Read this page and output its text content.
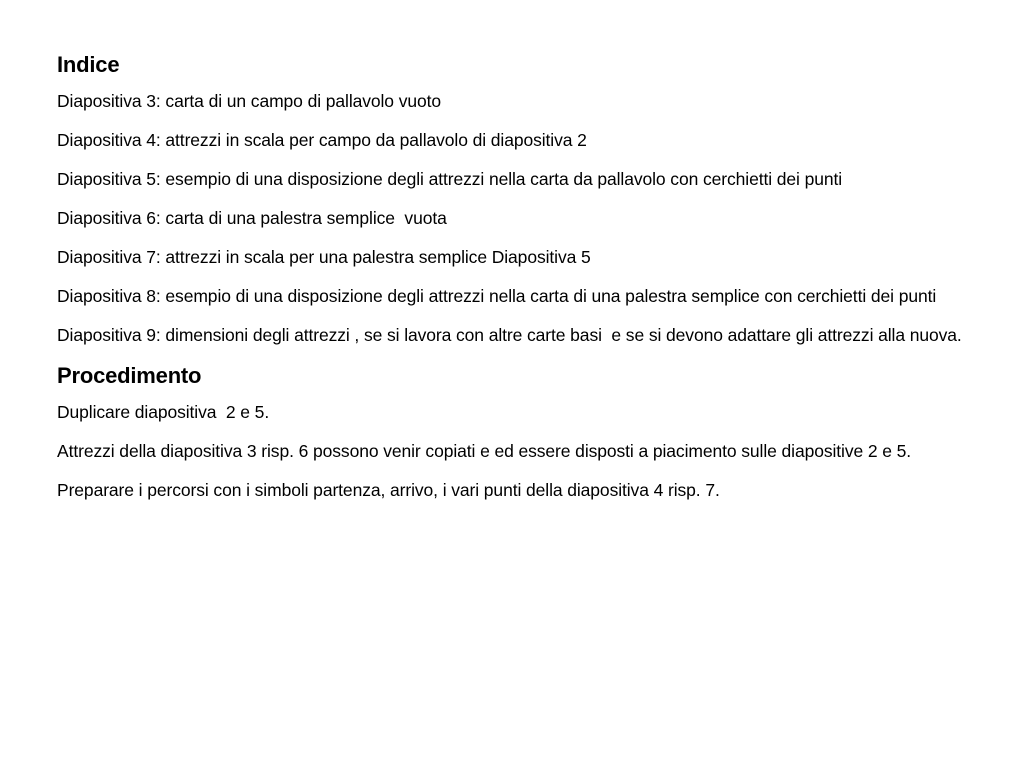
Indice

Diapositiva 3: carta di un campo di pallavolo vuoto

Diapositiva 4: attrezzi in scala per campo da pallavolo di diapositiva 2

Diapositiva 5: esempio di una disposizione degli attrezzi nella carta da pallavolo con cerchietti dei punti

Diapositiva 6: carta di una palestra semplice  vuota

Diapositiva 7: attrezzi in scala per una palestra semplice Diapositiva 5

Diapositiva 8: esempio di una disposizione degli attrezzi nella carta di una palestra semplice con cerchietti dei punti

Diapositiva 9: dimensioni degli attrezzi , se si lavora con altre carte basi  e se si devono adattare gli attrezzi alla nuova.

Procedimento

Duplicare diapositiva  2 e 5.

Attrezzi della diapositiva 3 risp. 6 possono venir copiati e ed essere disposti a piacimento sulle diapositive 2 e 5.

Preparare i percorsi con i simboli partenza, arrivo, i vari punti della diapositiva 4 risp. 7.
